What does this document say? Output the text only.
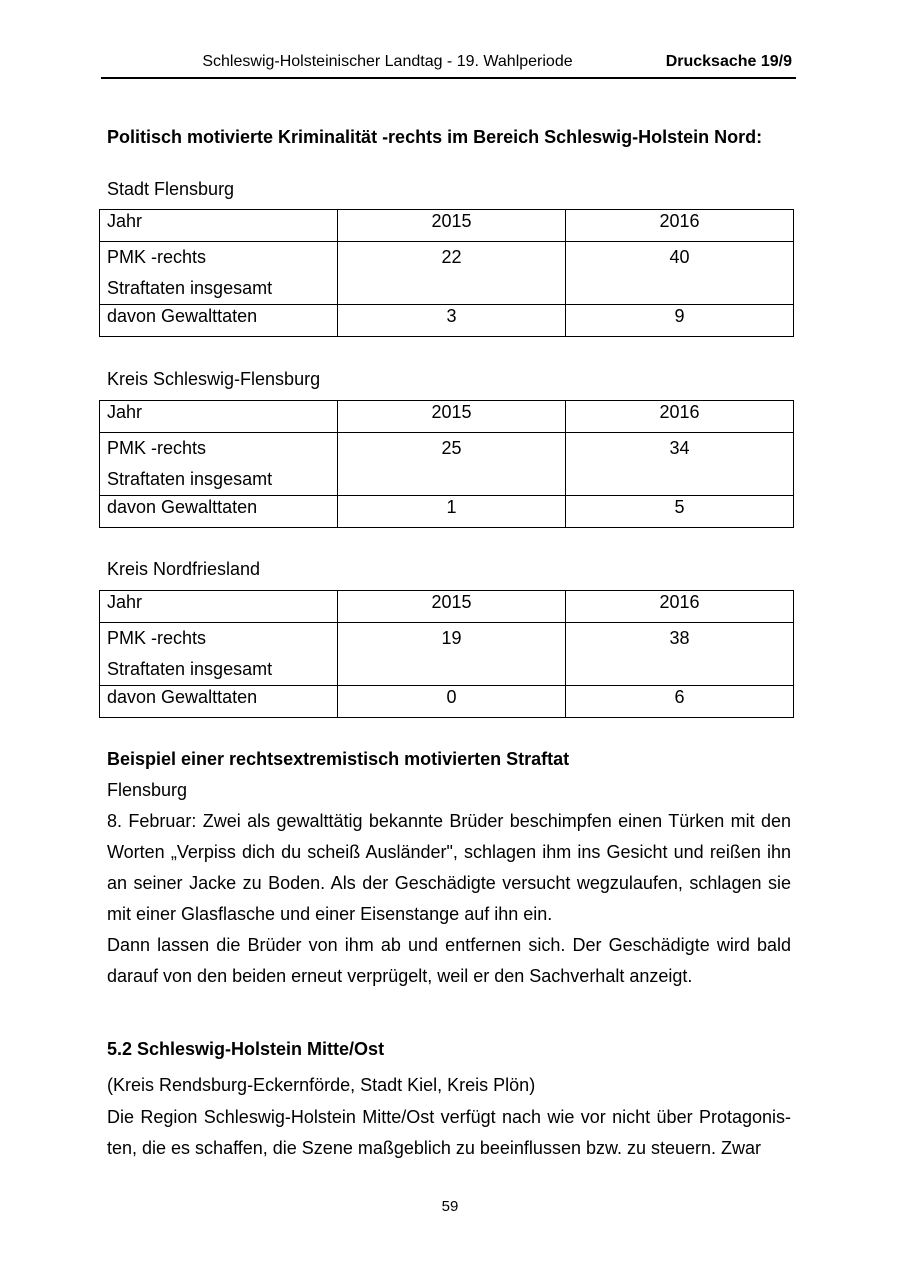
Schleswig-Holsteinischer Landtag - 19. Wahlperiode	Drucksache 19/9
Politisch motivierte Kriminalität -rechts im Bereich Schleswig-Holstein Nord:
Stadt Flensburg
Jahr	2015	2016

PMK -rechts
Straftaten insgesamt	22	40
davon Gewalttaten	3	9
Kreis Schleswig-Flensburg
Jahr	2015	2016

PMK -rechts
Straftaten insgesamt	25	34
davon Gewalttaten	1	5
Kreis Nordfriesland
Jahr	2015	2016

PMK -rechts
Straftaten insgesamt	19	38
davon Gewalttaten	0	6
Beispiel einer rechtsextremistisch motivierten Straftat
Flensburg
8. Februar: Zwei als gewalttätig bekannte Brüder beschimpfen einen Türken mit den Worten „Verpiss dich du scheiß Ausländer", schlagen ihm ins Gesicht und reißen ihn an seiner Jacke zu Boden. Als der Geschädigte versucht wegzulaufen, schlagen sie mit einer Glasflasche und einer Eisenstange auf ihn ein.
Dann lassen die Brüder von ihm ab und entfernen sich. Der Geschädigte wird bald darauf von den beiden erneut verprügelt, weil er den Sachverhalt anzeigt.
5.2 Schleswig-Holstein Mitte/Ost
(Kreis Rendsburg-Eckernförde, Stadt Kiel, Kreis Plön)
Die Region Schleswig-Holstein Mitte/Ost verfügt nach wie vor nicht über Protagonis-ten, die es schaffen, die Szene maßgeblich zu beeinflussen bzw. zu steuern. Zwar
59
